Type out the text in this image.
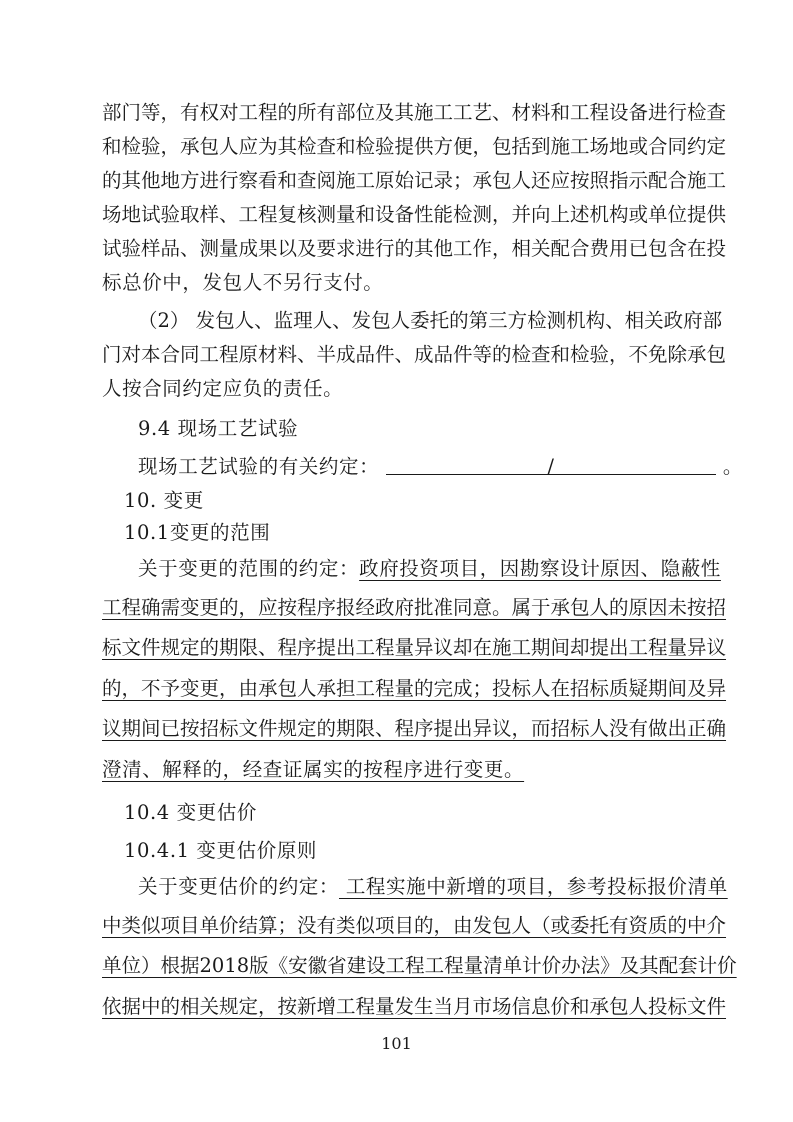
部门等，有权对工程的所有部位及其施工工艺、材料和工程设备进行检查
和检验，承包人应为其检查和检验提供方便，包括到施工场地或合同约定
的其他地方进行察看和查阅施工原始记录；承包人还应按照指示配合施工
场地试验取样、工程复核测量和设备性能检测，并向上述机构或单位提供
试验样品、测量成果以及要求进行的其他工作，相关配合费用已包含在投
标总价中，发包人不另行支付。
（2） 发包人、监理人、发包人委托的第三方检测机构、相关政府部
门对本合同工程原材料、半成品件、成品件等的检查和检验，不免除承包
人按合同约定应负的责任。
9.4 现场工艺试验
现场工艺试验的有关约定：	/	。
10. 变更
10.1变更的范围
关于变更的范围的约定：政府投资项目，因勘察设计原因、隐蔽性
工程确需变更的，应按程序报经政府批准同意。属于承包人的原因未按招
标文件规定的期限、程序提出工程量异议却在施工期间却提出工程量异议
的，不予变更，由承包人承担工程量的完成；投标人在招标质疑期间及异
议期间已按招标文件规定的期限、程序提出异议，而招标人没有做出正确
澄清、解释的，经查证属实的按程序进行变更。
10.4 变更估价
10.4.1 变更估价原则
关于变更估价的约定： 工程实施中新增的项目，参考投标报价清单
中类似项目单价结算；没有类似项目的，由发包人（或委托有资质的中介
单位）根据2018版《安徽省建设工程工程量清单计价办法》及其配套计价
依据中的相关规定，按新增工程量发生当月市场信息价和承包人投标文件
101
